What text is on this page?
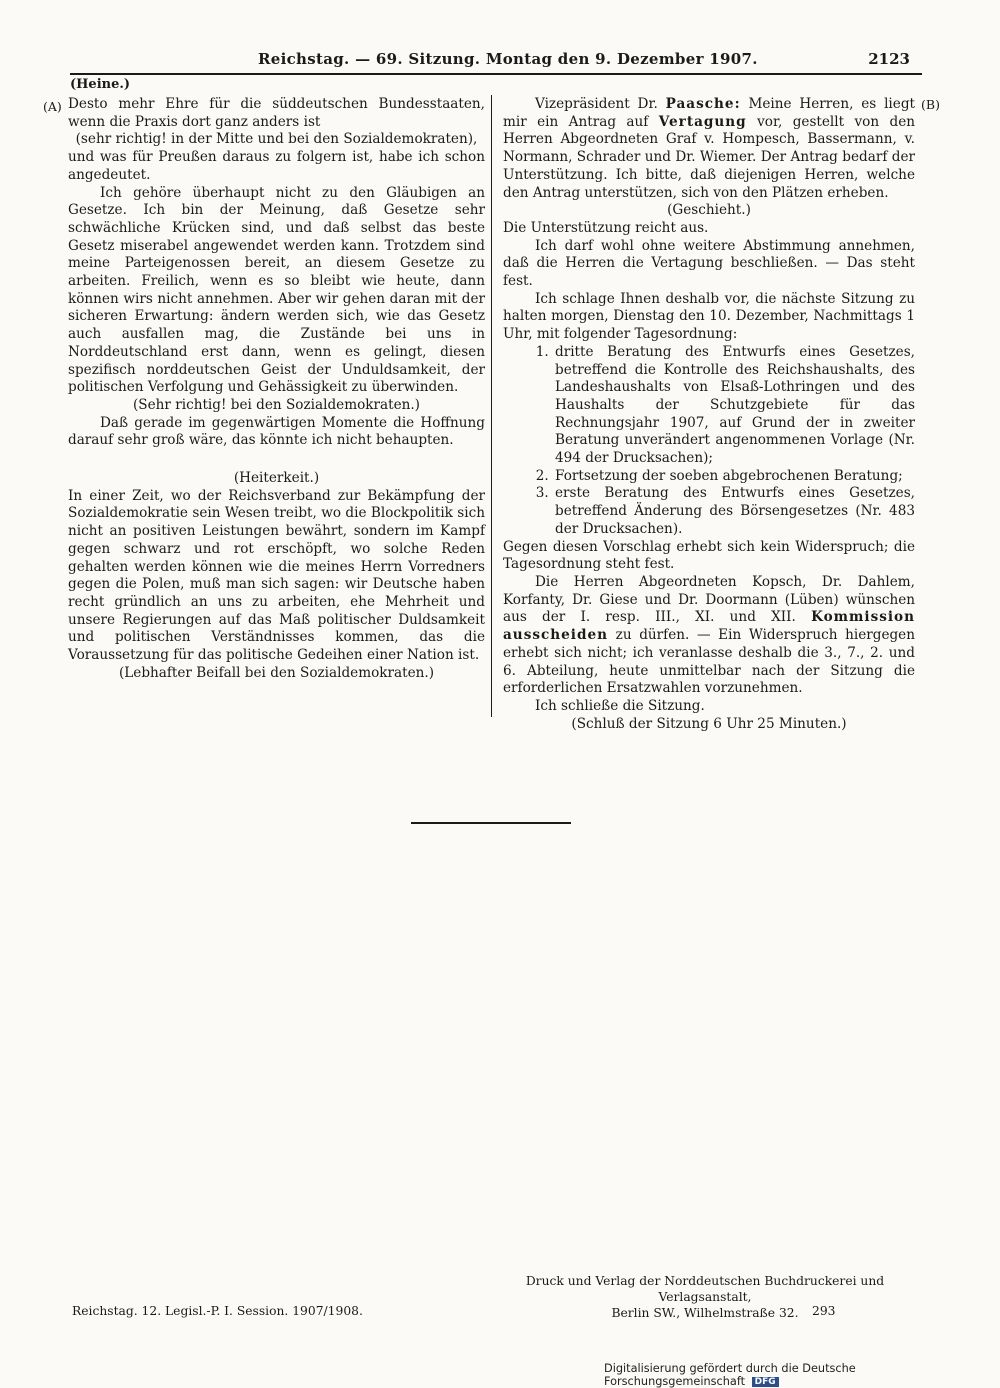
Reichstag. — 69. Sitzung. Montag den 9. Dezember 1907.	2123
(Heine.)
(A)	(B)

Desto mehr Ehre für die süddeutschen Bundesstaaten, wenn die Praxis dort ganz anders ist

(sehr richtig! in der Mitte und bei den Sozialdemokraten),

und was für Preußen daraus zu folgern ist, habe ich schon angedeutet.

Ich gehöre überhaupt nicht zu den Gläubigen an Gesetze. Ich bin der Meinung, daß Gesetze sehr schwächliche Krücken sind, und daß selbst das beste Gesetz miserabel angewendet werden kann. Trotzdem sind meine Parteigenossen bereit, an diesem Gesetze zu arbeiten. Freilich, wenn es so bleibt wie heute, dann können wirs nicht annehmen. Aber wir gehen daran mit der sicheren Erwartung: ändern werden sich, wie das Gesetz auch ausfallen mag, die Zustände bei uns in Norddeutschland erst dann, wenn es gelingt, diesen spezifisch norddeutschen Geist der Unduldsamkeit, der politischen Verfolgung und Gehässigkeit zu überwinden.

(Sehr richtig! bei den Sozialdemokraten.)

Daß gerade im gegenwärtigen Momente die Hoffnung darauf sehr groß wäre, das könnte ich nicht behaupten.

(Heiterkeit.)

In einer Zeit, wo der Reichsverband zur Bekämpfung der Sozialdemokratie sein Wesen treibt, wo die Blockpolitik sich nicht an positiven Leistungen bewährt, sondern im Kampf gegen schwarz und rot erschöpft, wo solche Reden gehalten werden können wie die meines Herrn Vorredners gegen die Polen, muß man sich sagen: wir Deutsche haben recht gründlich an uns zu arbeiten, ehe Mehrheit und unsere Regierungen auf das Maß politischer Duldsamkeit und politischen Verständnisses kommen, das die Voraussetzung für das politische Gedeihen einer Nation ist.

(Lebhafter Beifall bei den Sozialdemokraten.)

Vizepräsident Dr. Paasche: Meine Herren, es liegt mir ein Antrag auf Vertagung vor, gestellt von den Herren Abgeordneten Graf v. Hompesch, Bassermann, v. Normann, Schrader und Dr. Wiemer. Der Antrag bedarf der Unterstützung. Ich bitte, daß diejenigen Herren, welche den Antrag unterstützen, sich von den Plätzen erheben.

(Geschieht.)

Die Unterstützung reicht aus.

Ich darf wohl ohne weitere Abstimmung annehmen, daß die Herren die Vertagung beschließen. — Das steht fest.

Ich schlage Ihnen deshalb vor, die nächste Sitzung zu halten morgen, Dienstag den 10. Dezember, Nachmittags 1 Uhr, mit folgender Tagesordnung:

1. dritte Beratung des Entwurfs eines Gesetzes, betreffend die Kontrolle des Reichshaushalts, des Landeshaushalts von Elsaß-Lothringen und des Haushalts der Schutzgebiete für das Rechnungsjahr 1907, auf Grund der in zweiter Beratung unverändert angenommenen Vorlage (Nr. 494 der Drucksachen);
2. Fortsetzung der soeben abgebrochenen Beratung;
3. erste Beratung des Entwurfs eines Gesetzes, betreffend Änderung des Börsengesetzes (Nr. 483 der Drucksachen).

Gegen diesen Vorschlag erhebt sich kein Widerspruch; die Tagesordnung steht fest.

Die Herren Abgeordneten Kopsch, Dr. Dahlem, Korfanty, Dr. Giese und Dr. Doormann (Lüben) wünschen aus der I. resp. III., XI. und XII. Kommission ausscheiden zu dürfen. — Ein Widerspruch hiergegen erhebt sich nicht; ich veranlasse deshalb die 3., 7., 2. und 6. Abteilung, heute unmittelbar nach der Sitzung die erforderlichen Ersatzwahlen vorzunehmen.

Ich schließe die Sitzung.

(Schluß der Sitzung 6 Uhr 25 Minuten.)

Druck und Verlag der Norddeutschen Buchdruckerei und Verlagsanstalt,
Berlin SW., Wilhelmstraße 32.
Reichstag. 12. Legisl.-P. I. Session. 1907/1908.	293
Digitalisierung gefördert durch die Deutsche Forschungsgemeinschaft DFG
